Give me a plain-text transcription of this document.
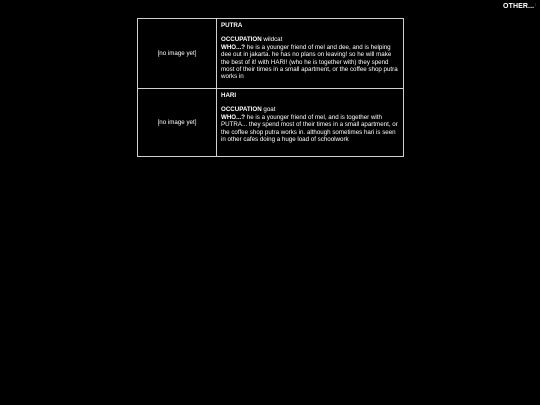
OTHER...$^{^i}$
[no image yet]	PUTRA
OCCUPATION wildcat
WHO...? he is a younger friend of mel and dee, and is helping dee out in jakarta. he has no plans on leaving! so he will make the best of it! with HARI! (who he is together with) they spend most of their times in a small apartment, or the coffee shop putra works in

[no image yet]	HARI
OCCUPATION goat
WHO...? he is a younger friend of mel, and is together with PUTRA... they spend most of their times in a small apartment, or the coffee shop putra works in. although sometimes hari is seen in other cafes doing a huge load of schoolwork
